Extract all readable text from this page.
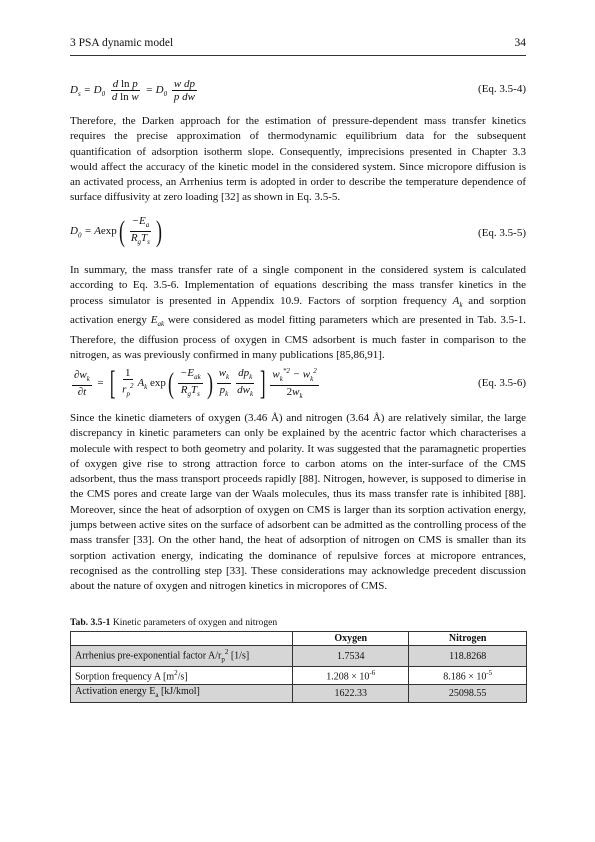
3 PSA dynamic model	34
$D_s = D_0 \frac{\text{d ln p}}{\text{d ln w}} = D_0 \frac{\text{w dp}}{\text{p dw}}$	(Eq. 3.5-4)

Therefore, the Darken approach for the estimation of pressure-dependent mass transfer kinetics requires the precise approximation of thermodynamic equilibrium data for the subsequent quantification of adsorption isotherm slope. Consequently, imprecisions presented in Chapter 3.3 would affect the accuracy of the kinetic model in the considered system. Since micropore diffusion is an activated process, an Arrhenius term is adopted in order to describe the temperature dependence of surface diffusivity at zero loading [32] as shown in Eq. 3.5-5.

$D_0 = Aexp( \frac{-E_a}{R_gT_s}$ )	(Eq. 3.5-5)

In summary, the mass transfer rate of a single component in the considered system is calculated according to Eq. 3.5-6. Implementation of equations describing the mass transfer kinetics in the process simulator is presented in Appendix 10.9. Factors of sorption frequency $A_k$ and sorption activation energy $E_{ak}$ were considered as model fitting parameters which are presented in Tab. 3.5-1. Therefore, the diffusion process of oxygen in CMS adsorbent is much faster in comparison to the nitrogen, as was previously confirmed in many publications [85,86,91].

$\frac{\partial w_k}{\partial t}$ = [ $\frac{1}{r_p^2} A_k$ $\exp( \frac{-E_{ak}}{R_gT_s}$ ) $\frac{w_k}{p_k} \frac{dp_k}{dw_k}$ ] $\frac{w_k^{*2} - w_k^2}{2w_k}$	(Eq. 3.5-6)

Since the kinetic diameters of oxygen (3.46 Å) and nitrogen (3.64 Å) are relatively similar, the large discrepancy in kinetic parameters can only be explained by the acentric factor which characterises a molecule with respect to both geometry and polarity. It was suggested that the paramagnetic properties of oxygen give rise to strong attraction force to carbon atoms on the inter-surface of the CMS adsorbent, thus the mass transport proceeds rapidly [88]. Nitrogen, however, is supposed to dimerise in the CMS pores and create large van der Waals molecules, thus its mass transfer rate is inhibited [88]. Moreover, since the heat of adsorption of oxygen on CMS is larger than its sorption activation energy, jumps between active sites on the surface of adsorbent can be admitted as the controlling process of the mass transfer [33]. On the other hand, the heat of adsorption of nitrogen on CMS is smaller than its sorption activation energy, indicating the dominance of repulsive forces at micropore entrances, recognised as the controlling step [33]. These considerations may acknowledge precedent discussion about the nature of oxygen and nitrogen kinetics in micropores of CMS.

Tab. 3.5-1 Kinetic parameters of oxygen and nitrogen
	Oxygen	Nitrogen
Arrhenius pre-exponential factor $A/r_p^2$ [1/s]	1.7534	118.8268
Sorption frequency A $[m^2/s]$	$1.208 \times 10^{-6}$	$8.186 \times 10^{-5}$
Activation energy $E_a$ [kJ/kmol]	1622.33	25098.55
